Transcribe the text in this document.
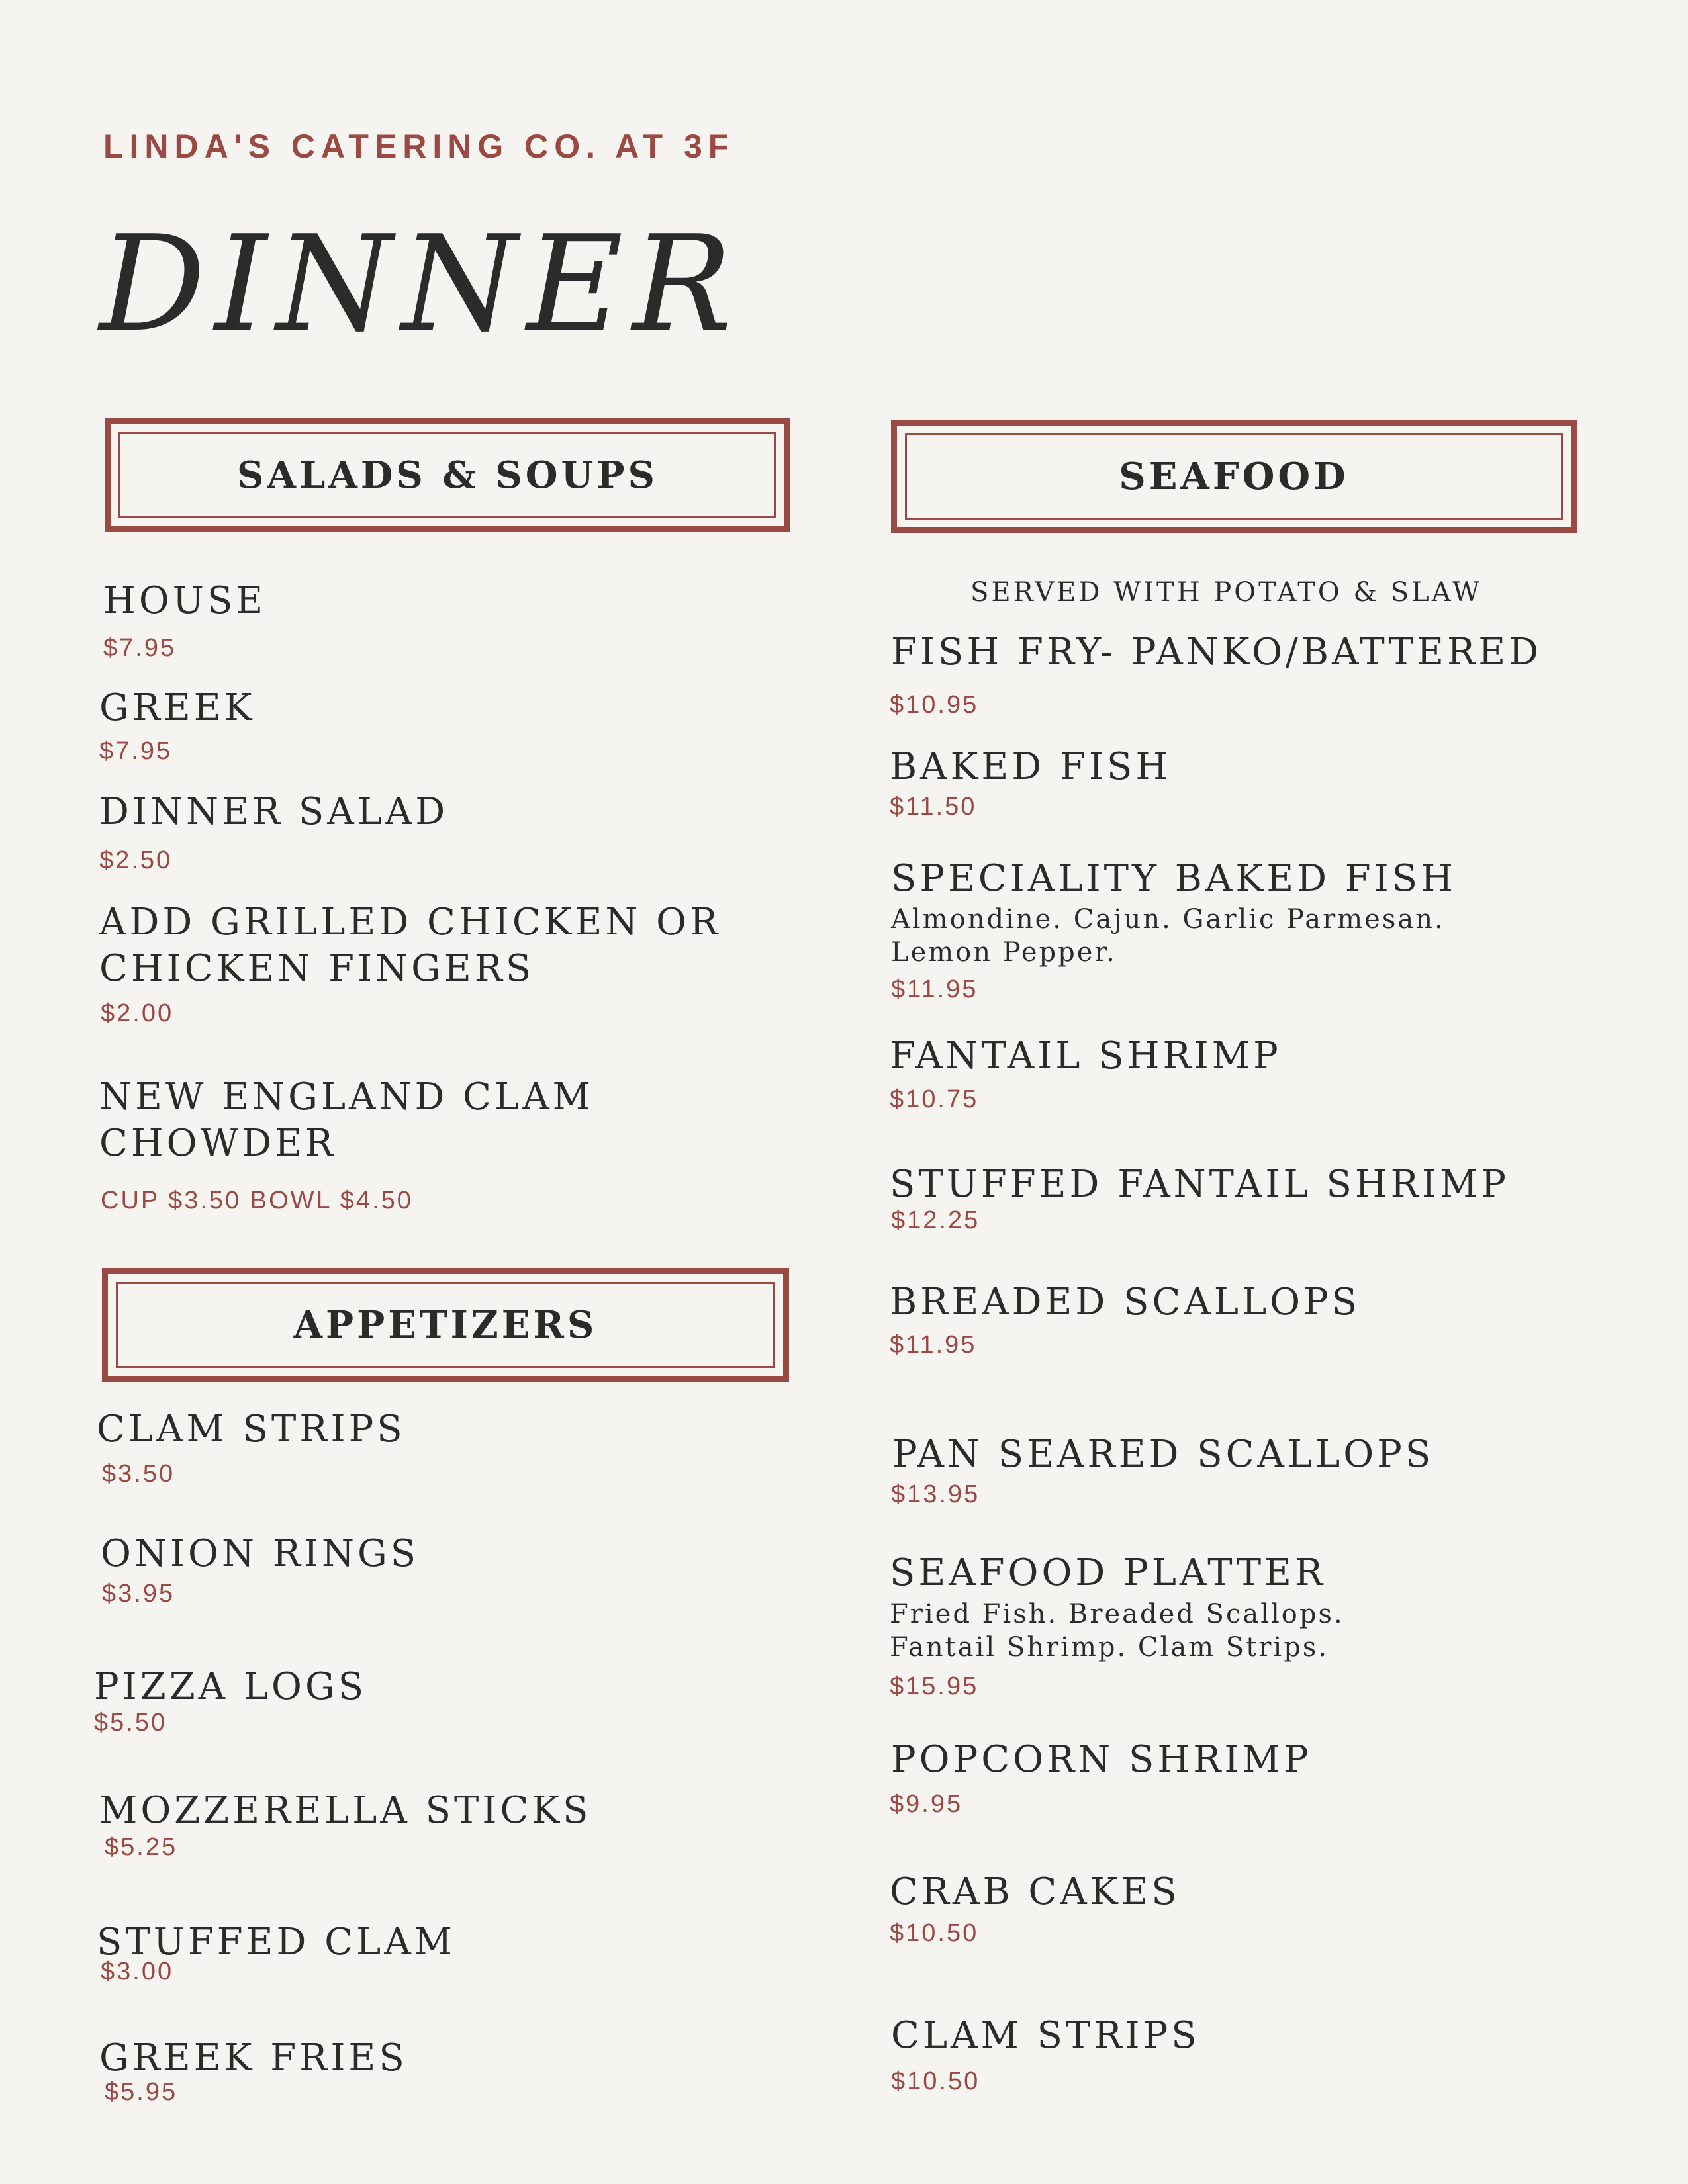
LINDA'S CATERING CO. AT 3F
DINNER
SALADS & SOUPS
HOUSE
$7.95
GREEK
$7.95
DINNER SALAD
$2.50
ADD GRILLED CHICKEN OR
CHICKEN FINGERS
$2.00
NEW ENGLAND CLAM
CHOWDER
CUP $3.50 BOWL $4.50
APPETIZERS
CLAM STRIPS
$3.50
ONION RINGS
$3.95
PIZZA LOGS
$5.50
MOZZERELLA STICKS
$5.25
STUFFED CLAM
$3.00
GREEK FRIES
$5.95
SEAFOOD
SERVED WITH POTATO & SLAW
FISH FRY- PANKO/BATTERED
$10.95
BAKED FISH
$11.50
SPECIALITY BAKED FISH
Almondine. Cajun. Garlic Parmesan.
Lemon Pepper.
$11.95
FANTAIL SHRIMP
$10.75
STUFFED FANTAIL SHRIMP
$12.25
BREADED SCALLOPS
$11.95
PAN SEARED SCALLOPS
$13.95
SEAFOOD PLATTER
Fried Fish. Breaded Scallops.
Fantail Shrimp. Clam Strips.
$15.95
POPCORN SHRIMP
$9.95
CRAB CAKES
$10.50
CLAM STRIPS
$10.50
